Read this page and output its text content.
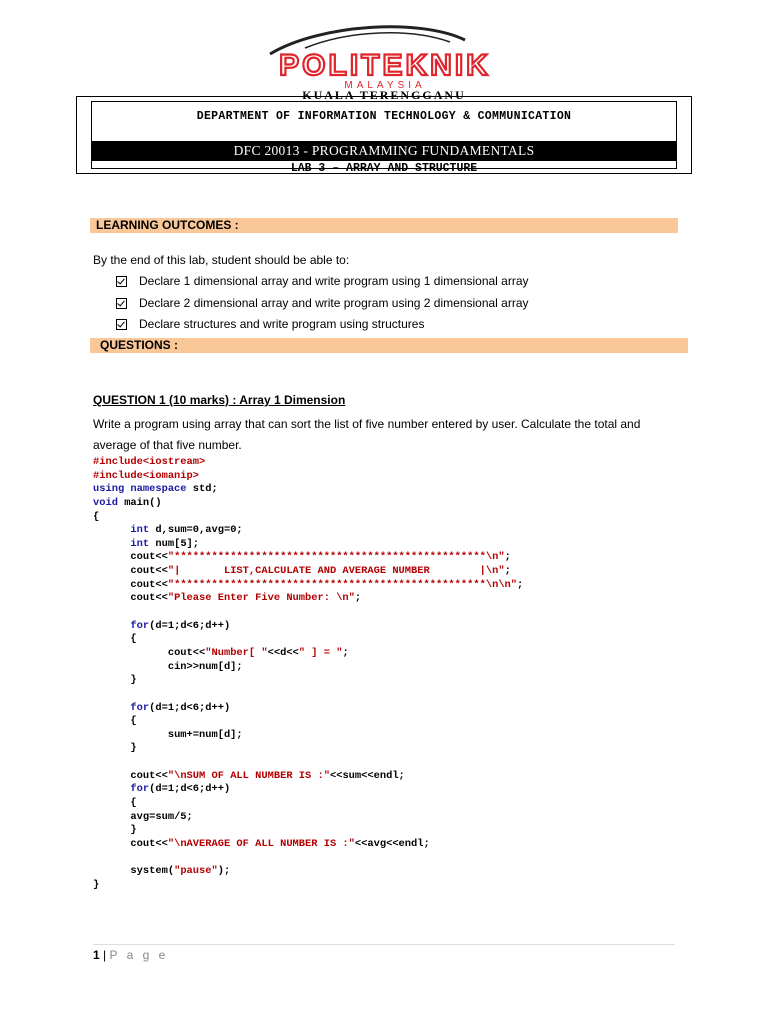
POLITEKNIK
MALAYSIA
KUALA TERENGGANU
DEPARTMENT OF INFORMATION TECHNOLOGY & COMMUNICATION
DFC 20013 - PROGRAMMING FUNDAMENTALS
LAB 3 – ARRAY AND STRUCTURE
LEARNING OUTCOMES :
By the end of this lab, student should be able to:
Declare 1 dimensional array and write program using 1 dimensional array
Declare 2 dimensional array and write program using 2 dimensional array
Declare structures and write program using structures
QUESTIONS :
QUESTION 1 (10 marks) : Array 1 Dimension
Write a program using array that can sort the list of five number entered by user. Calculate the total and average of that five number.
#include<iostream>
#include<iomanip>
using namespace std;
void main()
{
	int d,sum=0,avg=0;
	int num[5];
	cout<<"**************************************************\n";
	cout<<"|       LIST,CALCULATE AND AVERAGE NUMBER        |\n";
	cout<<"**************************************************\n\n";
	cout<<"Please Enter Five Number: \n";
	for(d=1;d<6;d++)
	{
		cout<<"Number[ "<<d<<" ] = ";
		cin>>num[d];
	}
	for(d=1;d<6;d++)
	{
		sum+=num[d];
	}
	cout<<"\nSUM OF ALL NUMBER IS :"<<sum<<endl;
	for(d=1;d<6;d++)
	{
	avg=sum/5;
	}
	cout<<"\nAVERAGE OF ALL NUMBER IS :"<<avg<<endl;
	system("pause");
}
1 | P a g e
